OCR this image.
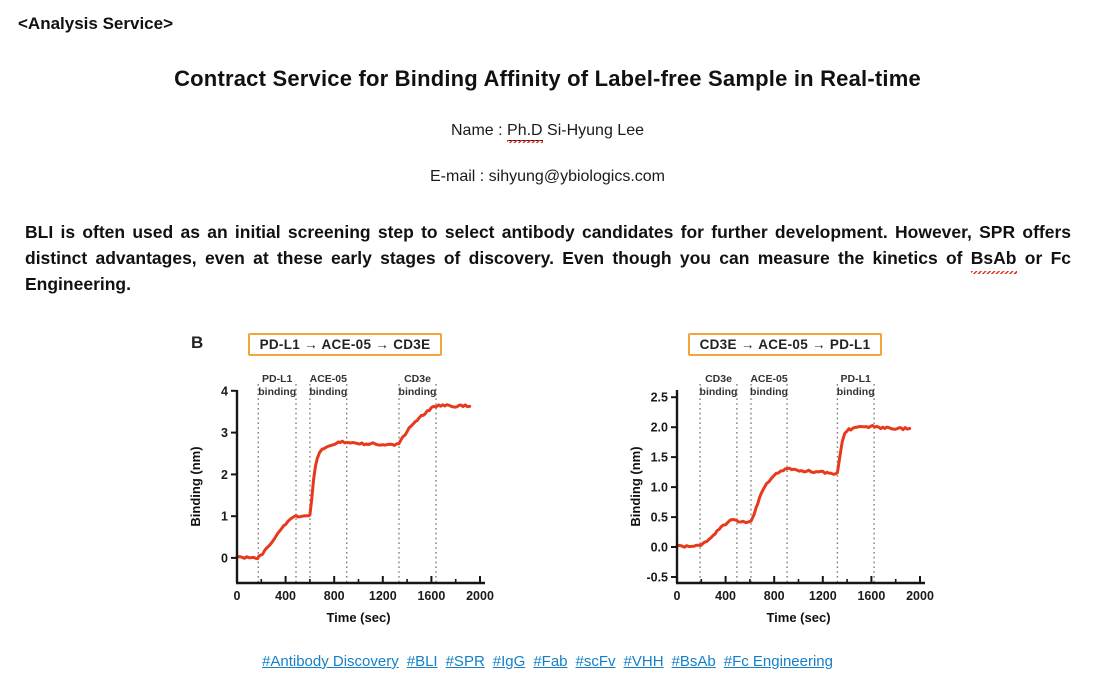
<Analysis Service>
Contract Service for Binding Affinity of Label-free Sample in Real-time
Name : Ph.D Si-Hyung Lee
E-mail : sihyung@ybiologics.com

BLI is often used as an initial screening step to select antibody candidates for further development. However, SPR offers distinct advantages, even at these early stages of discovery. Even though you can measure the kinetics of BsAb or Fc Engineering.

PD-L1
binding
ACE-05
binding
CD3e
binding
0
1
2
3
4
0	400 800 1200 1600 2000
Time (sec)
Binding (nm)
B	PD-L1 → ACE-05 → CD3E
CD3e
binding
ACE-05
binding
PD-L1
binding
-0.5
0.0
0.5
1.0
1.5
2.0
2.5
0	400 800 1200 1600 2000
Time (sec)
Binding (nm)
CD3E → ACE-05 → PD-L1
#Antibody Discovery #BLI #SPR #IgG #Fab #scFv #VHH #BsAb #Fc Engineering
